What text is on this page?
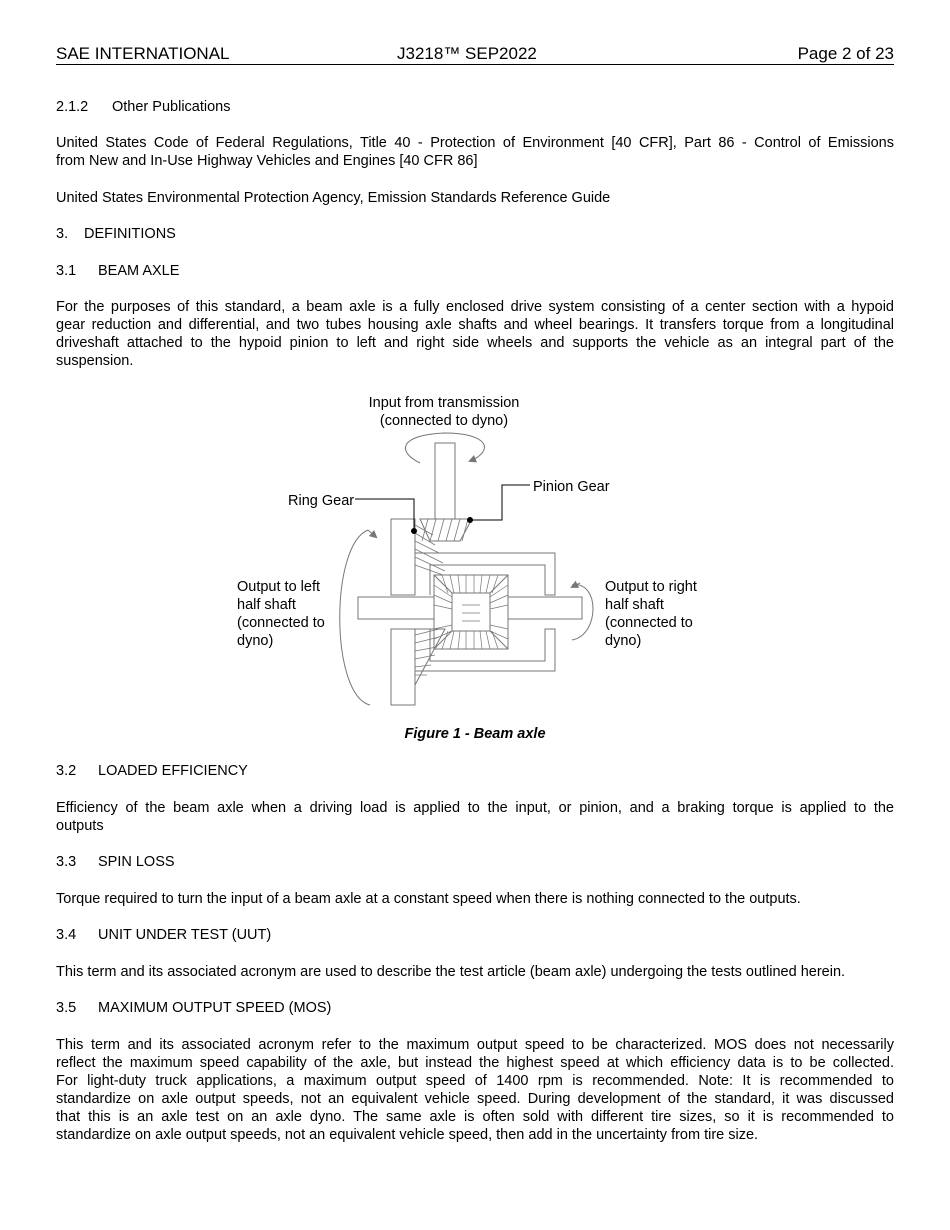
SAE INTERNATIONAL	J3218™ SEP2022	Page 2 of 23
2.1.2 Other Publications
United States Code of Federal Regulations, Title 40 - Protection of Environment [40 CFR], Part 86 - Control of Emissions
from New and In-Use Highway Vehicles and Engines [40 CFR 86]
United States Environmental Protection Agency, Emission Standards Reference Guide
3. DEFINITIONS
3.1 BEAM AXLE
For the purposes of this standard, a beam axle is a fully enclosed drive system consisting of a center section with a hypoid
gear reduction and differential, and two tubes housing axle shafts and wheel bearings. It transfers torque from a longitudinal
driveshaft attached to the hypoid pinion to left and right side wheels and supports the vehicle as an integral part of the
suspension.
Input from transmission
(connected to dyno)
Ring Gear
Pinion Gear
Output to left
half shaft
(connected to
dyno)
Output to right
half shaft
(connected to
dyno)
Figure 1 - Beam axle
3.2 LOADED EFFICIENCY
Efficiency of the beam axle when a driving load is applied to the input, or pinion, and a braking torque is applied to the
outputs
3.3 SPIN LOSS
Torque required to turn the input of a beam axle at a constant speed when there is nothing connected to the outputs.
3.4 UNIT UNDER TEST (UUT)
This term and its associated acronym are used to describe the test article (beam axle) undergoing the tests outlined herein.
3.5 MAXIMUM OUTPUT SPEED (MOS)
This term and its associated acronym refer to the maximum output speed to be characterized. MOS does not necessarily
reflect the maximum speed capability of the axle, but instead the highest speed at which efficiency data is to be collected.
For light-duty truck applications, a maximum output speed of 1400 rpm is recommended. Note: It is recommended to
standardize on axle output speeds, not an equivalent vehicle speed. During development of the standard, it was discussed
that this is an axle test on an axle dyno. The same axle is often sold with different tire sizes, so it is recommended to
standardize on axle output speeds, not an equivalent vehicle speed, then add in the uncertainty from tire size.
